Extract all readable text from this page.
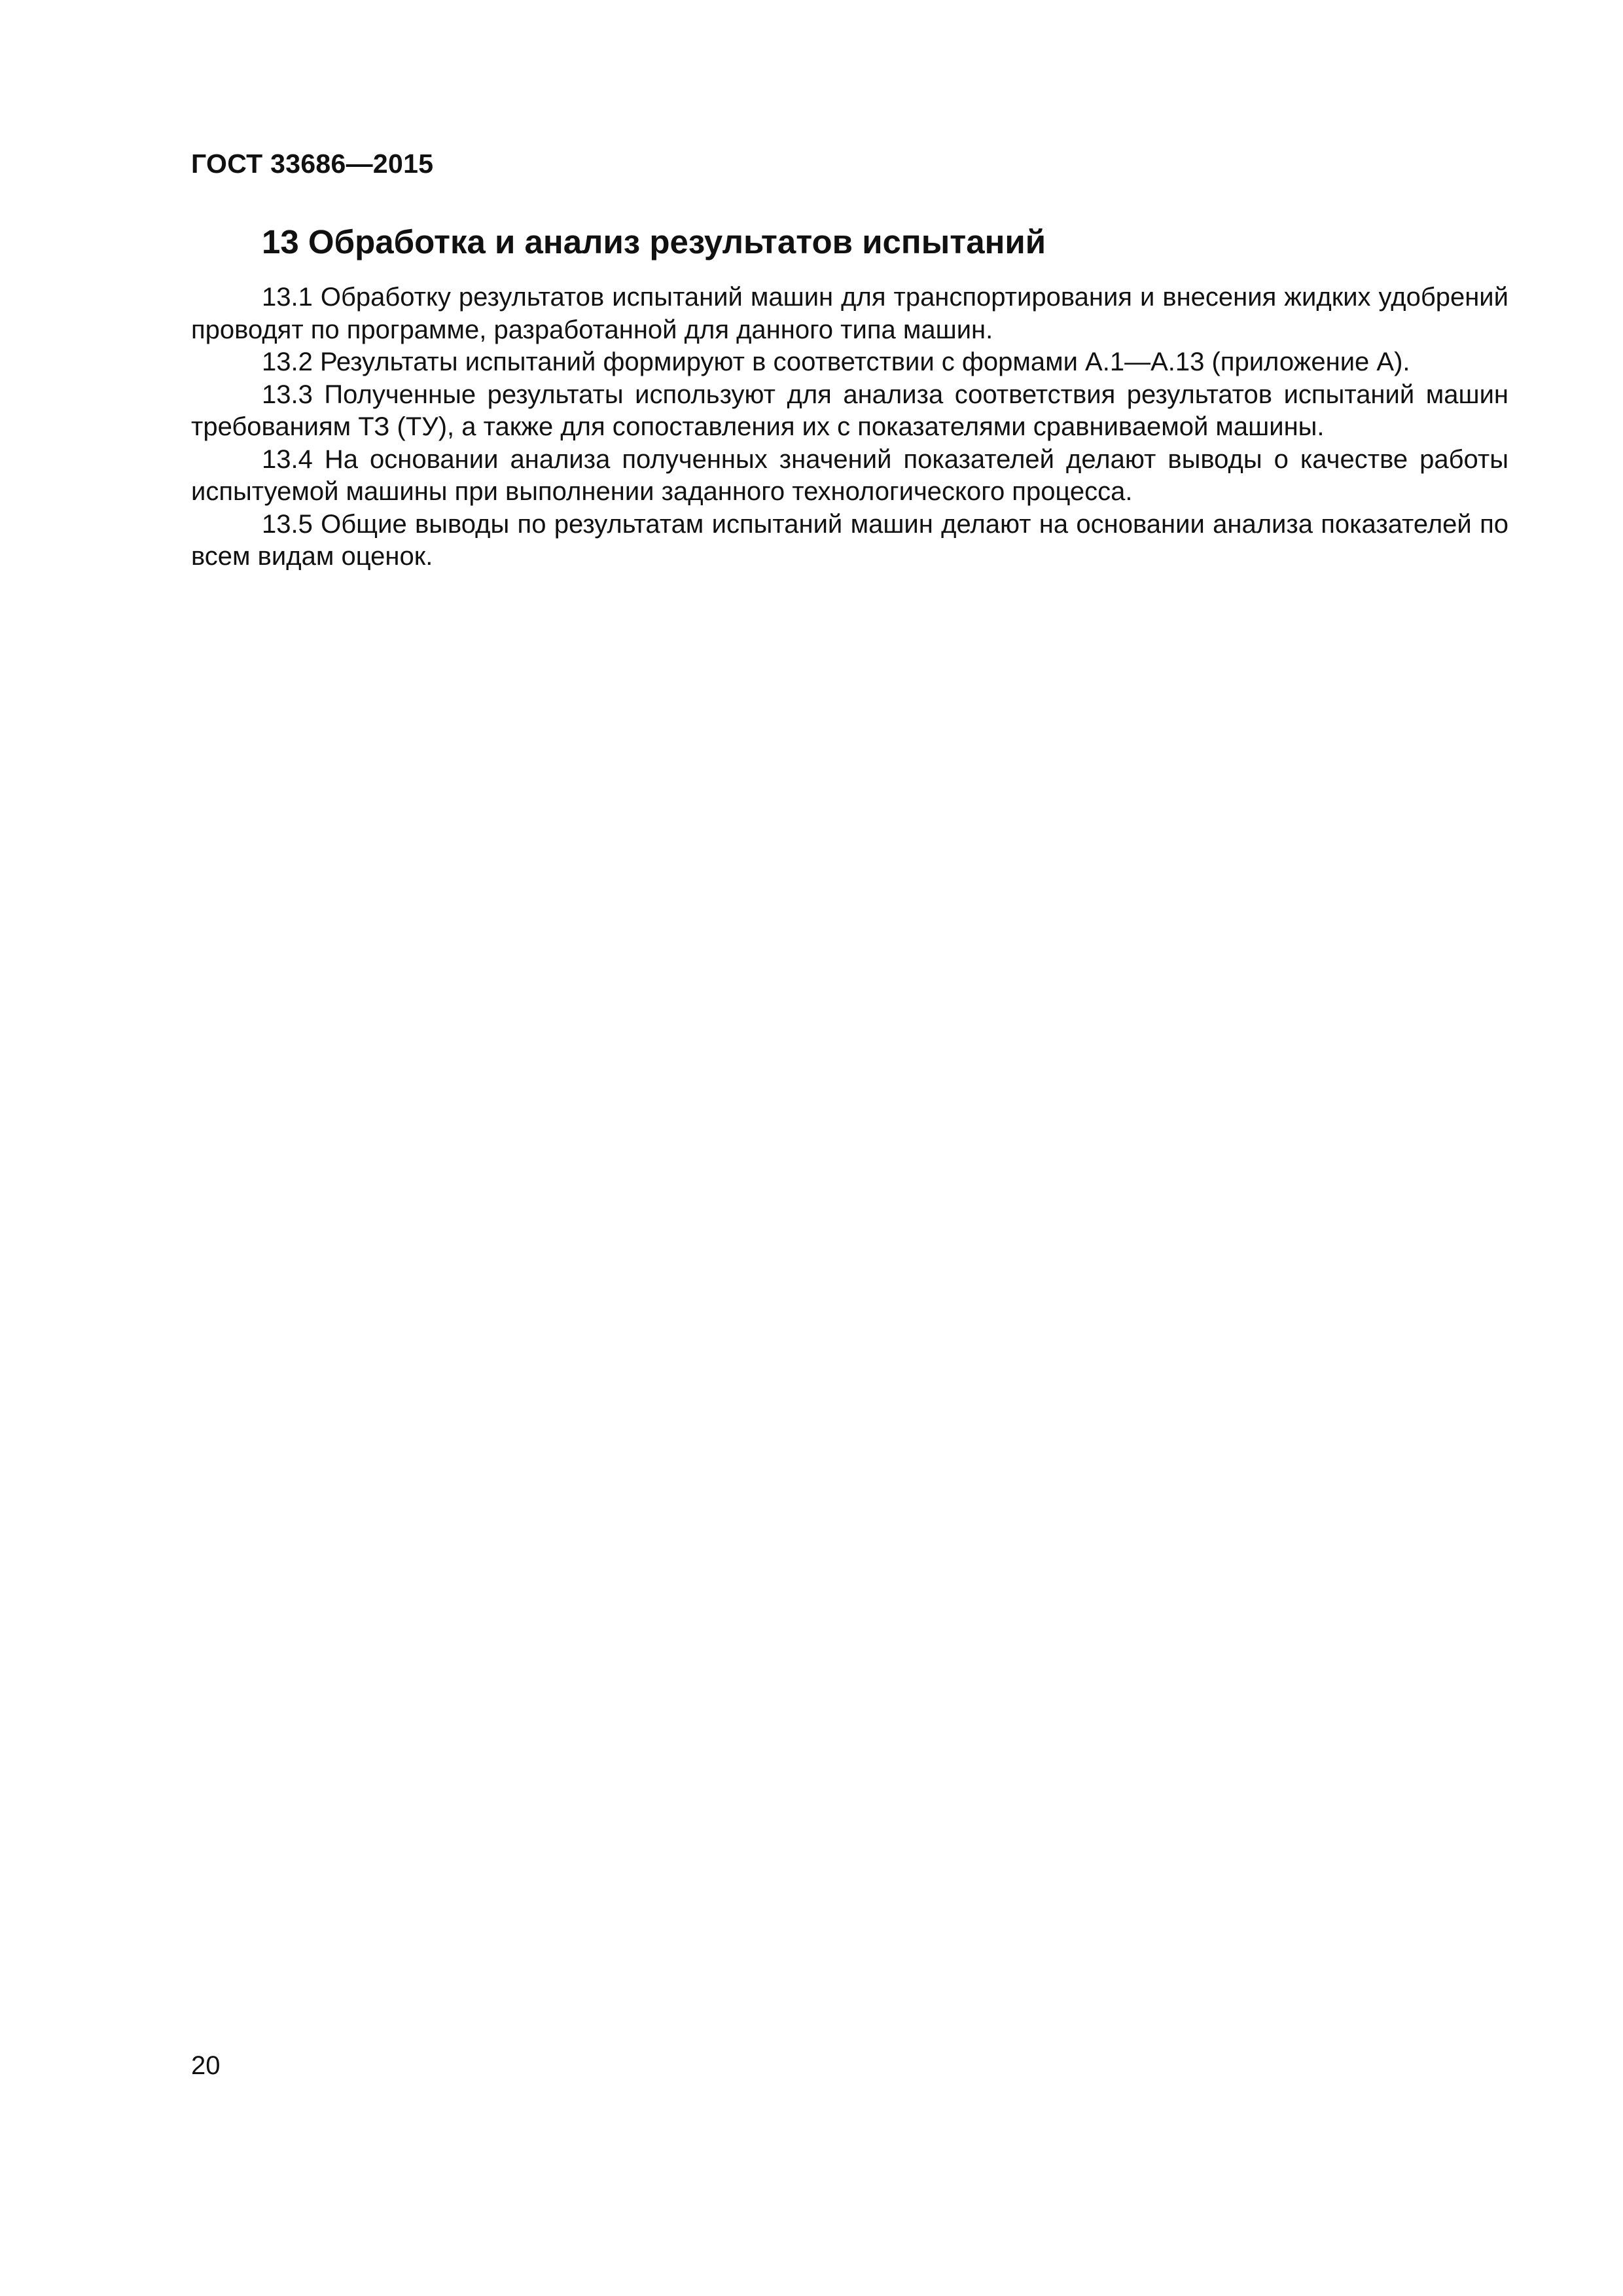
ГОСТ 33686—2015
13 Обработка и анализ результатов испытаний

13.1 Обработку результатов испытаний машин для транспортирования и внесения жидких удобрений проводят по программе, разработанной для данного типа машин.

13.2 Результаты испытаний формируют в соответствии с формами А.1—А.13 (приложение А).

13.3 Полученные результаты используют для анализа соответствия результатов испытаний машин требованиям ТЗ (ТУ), а также для сопоставления их с показателями сравниваемой машины.

13.4 На основании анализа полученных значений показателей делают выводы о качестве работы испытуемой машины при выполнении заданного технологического процесса.

13.5 Общие выводы по результатам испытаний машин делают на основании анализа показателей по всем видам оценок.

20
